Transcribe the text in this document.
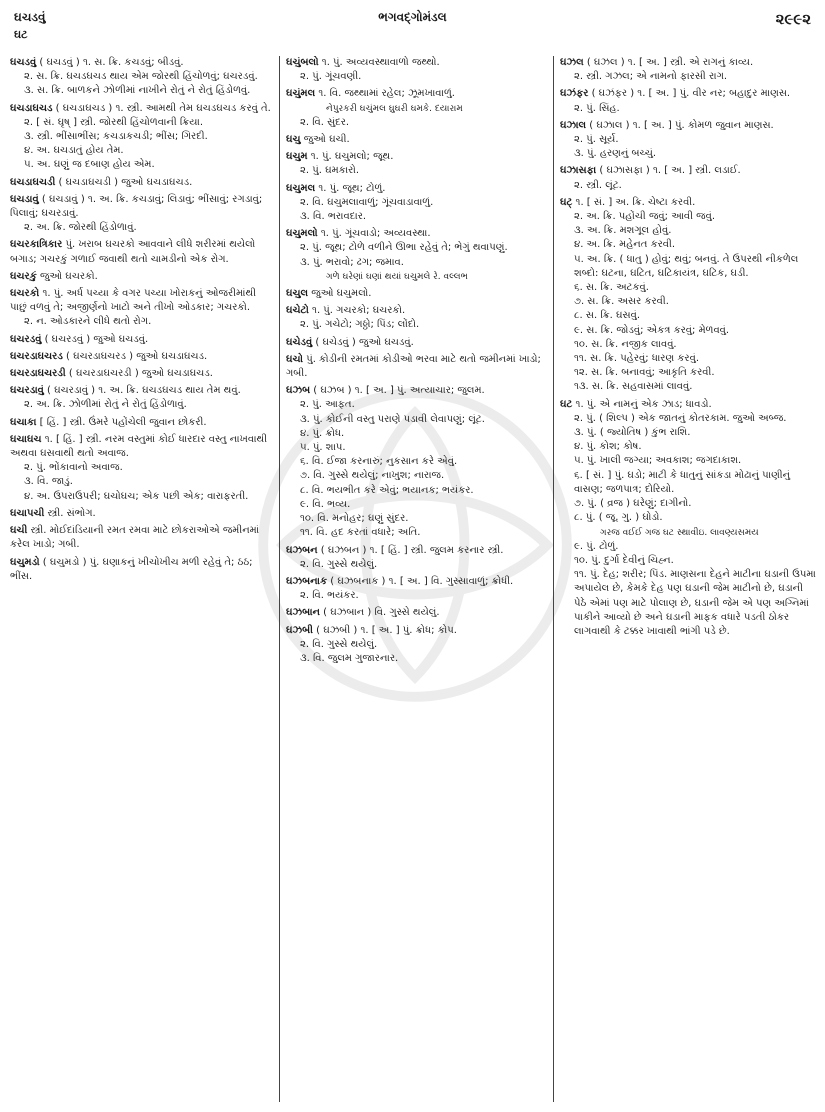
ઘચડવું	ભગવદ્ગોમંડલ	૨૯૯૨
ઘટ
ઘચડવું ( ઘચડવું ) ૧. સ. ક્રિ. કચડવું; બીડવું.
૨. સ. ક્રિ. ઘચડઘચડ થાય એમ જોરથી હિંચોળવું; ઘચરડવું.
૩. સ. ક્રિ. બાળકને ઝોળીમાં નાખીને રોતું ને રોતું હિંડોળવું.
ઘચડાઘચડ ( ઘચડાઘચડ ) ૧. સ્ત્રી. આમથી તેમ ઘચડઘચડ કરવું તે.
૨. [ સં. ઘૃષ્ ] સ્ત્રી. જોરથી હિંચોળવાની ક્રિયા.
૩. સ્ત્રી. ભીંસાભીંસ; કચડાકચડી; ભીંસ; ગિરદી.
૪. અ. ઘચડાતું હોય તેમ.
૫. અ. ઘણું જ દબાણ હોય એમ.
ઘચડાઘચડી ( ઘચડાઘચડી ) જુઓ ઘચડાઘચડ.
ઘચડાવું ( ઘચડાવું ) ૧. અ. ક્રિ. કચડાવું; લિડાવું; ભીંસાવું; રગડાવું; પિલાવું; ઘચરડાવું.
૨. અ. ક્રિ. જોરથી હિંડોળાવું.
ઘચરકાત્રિકાર પું. ખરાબ ઘચરકો આવવાને લીધે શરીરમાં થયેલો બગાડ; ગચરકું ગળાઈ જવાથી થતો ચામડીનો એક રોગ.
ઘચરકું જુઓ ઘચરકો.
ઘચરકો ૧. પું. અર્ધ પચ્યા કે વગર પચ્યા ખોરાકનું ઓજરીમાંથી પાછું વળવું તે; અજીર્ણનો ખાટો અને તીખો ઓડકાર; ગચરકો.
૨. ન. ઓડકારને લીધે થતો રોગ.
ઘચરડવું ( ઘચરડવું ) જુઓ ઘચડવું.
ઘચરડાઘચરડ ( ઘચરડાઘચરડ ) જુઓ ઘચડાઘચડ.
ઘચરડાઘચરડી ( ઘચરડાઘચરડી ) જુઓ ઘચડાઘચડ.
ઘચરડાવું ( ઘચરડાવું ) ૧. અ. ક્રિ. ઘચડઘચડ થાય તેમ થવું.
૨. અ. ક્રિ. ઝોળીમાં રોતું ને રોતું હિંડોળાવું.
ઘચાકા [ હિં. ] સ્ત્રી. ઉંમરે પહોંચેલી જુવાન છોકરી.
ઘચાઘચ ૧. [ હિં. ] સ્ત્રી. નરમ વસ્તુમાં કોઈ ધારદાર વસ્તુ નાખવાથી અથવા ઘસવાથી થતો અવાજ.
૨. પું. ભોંકાવાનો અવાજ.
૩. વિ. જાડું.
૪. અ. ઉપરાઉપરી; ઘચોઘચ; એક પછી એક; વારાફરતી.
ઘચાપચી સ્ત્રી. સંભોગ.
ઘચી સ્ત્રી. મોઈદાંડિયાની રમત રમવા માટે છોકરાઓએ જમીનમાં કરેલ ખાડો; ગબી.
ઘચુમડો ( ઘચુમડો ) પું. ઘણાકનું ખીચોખીચ મળી રહેવું તે; ઠઠ; ભીંસ.
ઘચુંબલો ૧. પું. અવ્યવસ્થાવાળો જથ્થો.
૨. પું. ગૂંચવણી.
ઘચુંમલ ૧. વિ. જથ્થામાં રહેલ; ઝૂમખાવાળું.
નેપુરકરી ઘચુંમલ ઘુઘરી ઘમકે. દયારામ
૨. વિ. સુંદર.
ઘચુ જુઓ ઘચી.
ઘચુમ ૧. પું. ઘચુમલો; જૂથ.
૨. પું. ઘમકારો.
ઘચુમલ ૧. પું. જૂથ; ટોળું.
૨. વિ. ઘચુમલાવાળું; ગૂંચવાડાવાળું.
૩. વિ. ભરાવદાર.
ઘચુમલો ૧. પું. ગૂંચવાડો; અવ્યવસ્થા.
૨. પું. જૂથ; ટોળે વળીને ઊભા રહેવું તે; ભેગું થવાપણું.
૩. પું. ભરાવો; ઢગ; જમાવ.
ગળે ઘરેણાં ઘણાં થયાં ઘચુમલે રે. વલ્લભ
ઘચુલ જુઓ ઘચુમલો.
ઘચેટો ૧. પું. ગચરકો; ઘચરકો.
૨. પું. ગચેટો; ગઠ્ઠો; પિંડ; લોંદો.
ઘચેડવું ( ઘચેડવું ) જુઓ ઘચડવું.
ઘચો પું. કોડીની રમતમાં કોડીઓ ભરવા માટે થતો જમીનમાં ખાડો; ગબી.
ઘઝબ ( ઘઝબ ) ૧. [ અ. ] પું. અત્યાચાર; જુલમ.
૨. પું. આફત.
૩. પું. કોઈની વસ્તુ પરાણે પડાવી લેવાપણું; લૂંટ.
૪. પું. ક્રોધ.
૫. પું. શાપ.
૬. વિ. ઈજા કરનારું; નુકસાન કરે એવું.
૭. વિ. ગુસ્સે થયેલું; નાખુશ; નારાજ.
૮. વિ. ભયભીત કરે એવું; ભયાનક; ભયંકર.
૯. વિ. ભવ્ય.
૧૦. વિ. મનોહર; ઘણું સુંદર.
૧૧. વિ. હદ કરતાં વધારે; અતિ.
ઘઝબન ( ઘઝબન ) ૧. [ હિં. ] સ્ત્રી. જુલમ કરનાર સ્ત્રી.
૨. વિ. ગુસ્સે થયેલું.
ઘઝબનાક ( ઘઝબનાક ) ૧. [ અ. ] વિ. ગુસ્સાવાળું; ક્રોધી.
૨. વિ. ભયંકર.
ઘઝબાન ( ઘઝબાન ) વિ. ગુસ્સે થયેલું.
ઘઝબી ( ઘઝબી ) ૧. [ અ. ] પું. ક્રોધ; કોપ.
૨. વિ. ગુસ્સે થયેલું.
૩. વિ. જુલમ ગુજારનાર.
ઘઝલ ( ઘઝલ ) ૧. [ અ. ] સ્ત્રી. એ રાગનું કાવ્ય.
૨. સ્ત્રી. ગઝલ; એ નામનો ફારસી રાગ.
ઘઝંફર ( ઘઝંફર ) ૧. [ અ. ] પું. વીર નર; બહાદુર માણસ.
૨. પું. સિંહ.
ઘઝાલ ( ઘઝાલ ) ૧. [ અ. ] પું. કોમળ જુવાન માણસ.
૨. પું. સૂર્ય.
૩. પું. હરણનું બચ્ચું.
ઘઝાસફા ( ઘઝાસફા ) ૧. [ અ. ] સ્ત્રી. લડાઈ.
૨. સ્ત્રી. લૂંટ.
ઘટ્ ૧. [ સં. ] અ. ક્રિ. ચેષ્ટા કરવી.
૨. અ. ક્રિ. પહોંચી જવું; આવી જવું.
૩. અ. ક્રિ. મશગૂલ હોવું.
૪. અ. ક્રિ. મહેનત કરવી.
૫. અ. ક્રિ. ( ધાતુ ) હોવું; થવું; બનવું. તે ઉપરથી નીકળેલ શબ્દો: ઘટના, ઘટિત, ઘટિકાયંત્ર, ઘટિક, ઘડી.
૬. સ. ક્રિ. અટકવું.
૭. સ. ક્રિ. અસર કરવી.
૮. સ. ક્રિ. ઘસવું.
૯. સ. ક્રિ. જોડવું; એકત્ર કરવું; મેળવવું.
૧૦. સ. ક્રિ. નજીક લાવવું.
૧૧. સ. ક્રિ. પહેરવું; ધારણ કરવું.
૧૨. સ. ક્રિ. બનાવવું; આકૃતિ કરવી.
૧૩. સ. ક્રિ. સહવાસમાં લાવવું.
ઘટ ૧. પું. એ નામનું એક ઝાડ; ધાવડો.
૨. પું. ( શિલ્પ ) એક જાતનું કોતરકામ. જુઓ અબ્જ.
૩. પું. ( જ્યોતિષ ) કુંભ રાશિ.
૪. પું. કોશ; કોષ.
૫. પું. ખાલી જગ્યા; અવકાશ; જગદાકાશ.
૬. [ સં. ] પું. ઘડો; માટી કે ધાતુનું સાંકડા મોઢાનું પાણીનું વાસણ; જળપાત્ર; દોરિયો.
૭. પું. ( વ્રજ ) ઘરેણું; દાગીનો.
૮. પું. ( જૂ. ગુ. ) ઘોડો.
ગરજ વઈઈ ગજ ઘટ સ્થાવીઇ. લાવણ્યસમય
૯. પું. ટોળું.
૧૦. પું. દુર્ગા દેવીનું ચિહ્ન.
૧૧. પું. દેહ; શરીર; પિંડ. માણસના દેહને માટીના ઘડાની ઉપમા અપાયેલ છે, કેમકે દેહ પણ ઘડાની જેમ માટીનો છે, ઘડાની પેઠે એમાં પણ માટે પોલાણ છે, ઘડાની જેમ એ પણ અગ્નિમાં પાકીને આવ્યો છે અને ઘડાની માફક વધારે પડતી ઠોકર લાગવાથી કે ટક્કર ખાવાથી ભાંગી પડે છે.
